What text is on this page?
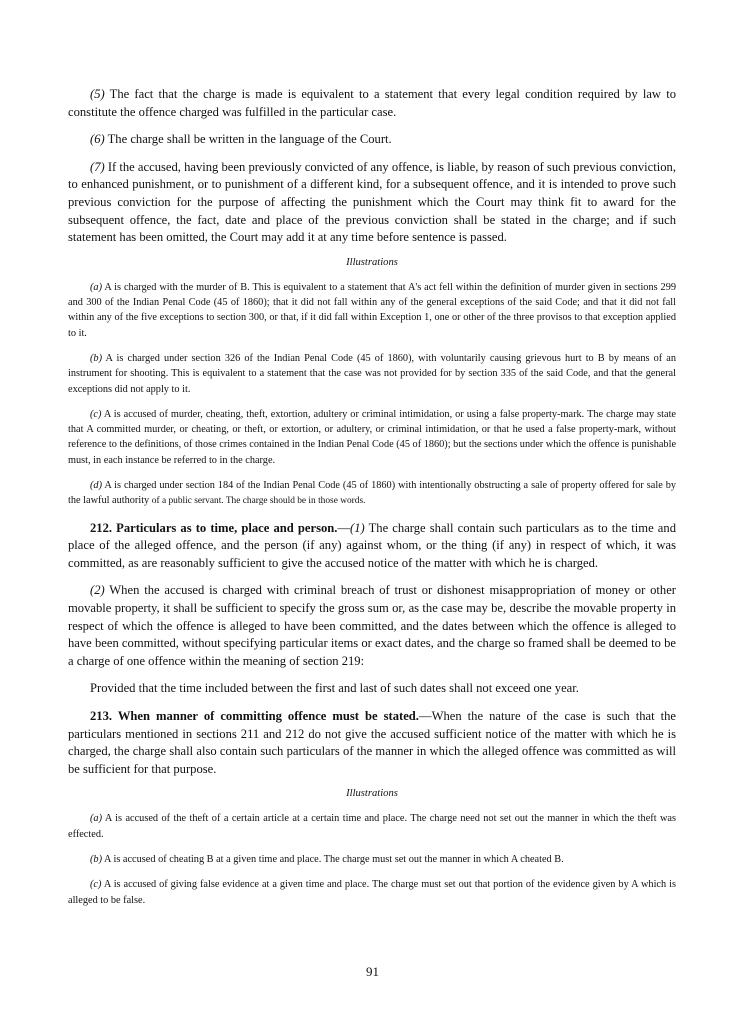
(5) The fact that the charge is made is equivalent to a statement that every legal condition required by law to constitute the offence charged was fulfilled in the particular case.

(6) The charge shall be written in the language of the Court.

(7) If the accused, having been previously convicted of any offence, is liable, by reason of such previous conviction, to enhanced punishment, or to punishment of a different kind, for a subsequent offence, and it is intended to prove such previous conviction for the purpose of affecting the punishment which the Court may think fit to award for the subsequent offence, the fact, date and place of the previous conviction shall be stated in the charge; and if such statement has been omitted, the Court may add it at any time before sentence is passed.

Illustrations

(a) A is charged with the murder of B. This is equivalent to a statement that A's act fell within the definition of murder given in sections 299 and 300 of the Indian Penal Code (45 of 1860); that it did not fall within any of the general exceptions of the said Code; and that it did not fall within any of the five exceptions to section 300, or that, if it did fall within Exception 1, one or other of the three provisos to that exception applied to it.

(b) A is charged under section 326 of the Indian Penal Code (45 of 1860), with voluntarily causing grievous hurt to B by means of an instrument for shooting. This is equivalent to a statement that the case was not provided for by section 335 of the said Code, and that the general exceptions did not apply to it.

(c) A is accused of murder, cheating, theft, extortion, adultery or criminal intimidation, or using a false property-mark. The charge may state that A committed murder, or cheating, or theft, or extortion, or adultery, or criminal intimidation, or that he used a false property-mark, without reference to the definitions, of those crimes contained in the Indian Penal Code (45 of 1860); but the sections under which the offence is punishable must, in each instance be referred to in the charge.

(d) A is charged under section 184 of the Indian Penal Code (45 of 1860) with intentionally obstructing a sale of property offered for sale by the lawful authority of a public servant. The charge should be in those words.

212. Particulars as to time, place and person.—(1) The charge shall contain such particulars as to the time and place of the alleged offence, and the person (if any) against whom, or the thing (if any) in respect of which, it was committed, as are reasonably sufficient to give the accused notice of the matter with which he is charged.

(2) When the accused is charged with criminal breach of trust or dishonest misappropriation of money or other movable property, it shall be sufficient to specify the gross sum or, as the case may be, describe the movable property in respect of which the offence is alleged to have been committed, and the dates between which the offence is alleged to have been committed, without specifying particular items or exact dates, and the charge so framed shall be deemed to be a charge of one offence within the meaning of section 219:

Provided that the time included between the first and last of such dates shall not exceed one year.

213. When manner of committing offence must be stated.—When the nature of the case is such that the particulars mentioned in sections 211 and 212 do not give the accused sufficient notice of the matter with which he is charged, the charge shall also contain such particulars of the manner in which the alleged offence was committed as will be sufficient for that purpose.

Illustrations

(a) A is accused of the theft of a certain article at a certain time and place. The charge need not set out the manner in which the theft was effected.

(b) A is accused of cheating B at a given time and place. The charge must set out the manner in which A cheated B.

(c) A is accused of giving false evidence at a given time and place. The charge must set out that portion of the evidence given by A which is alleged to be false.

91
